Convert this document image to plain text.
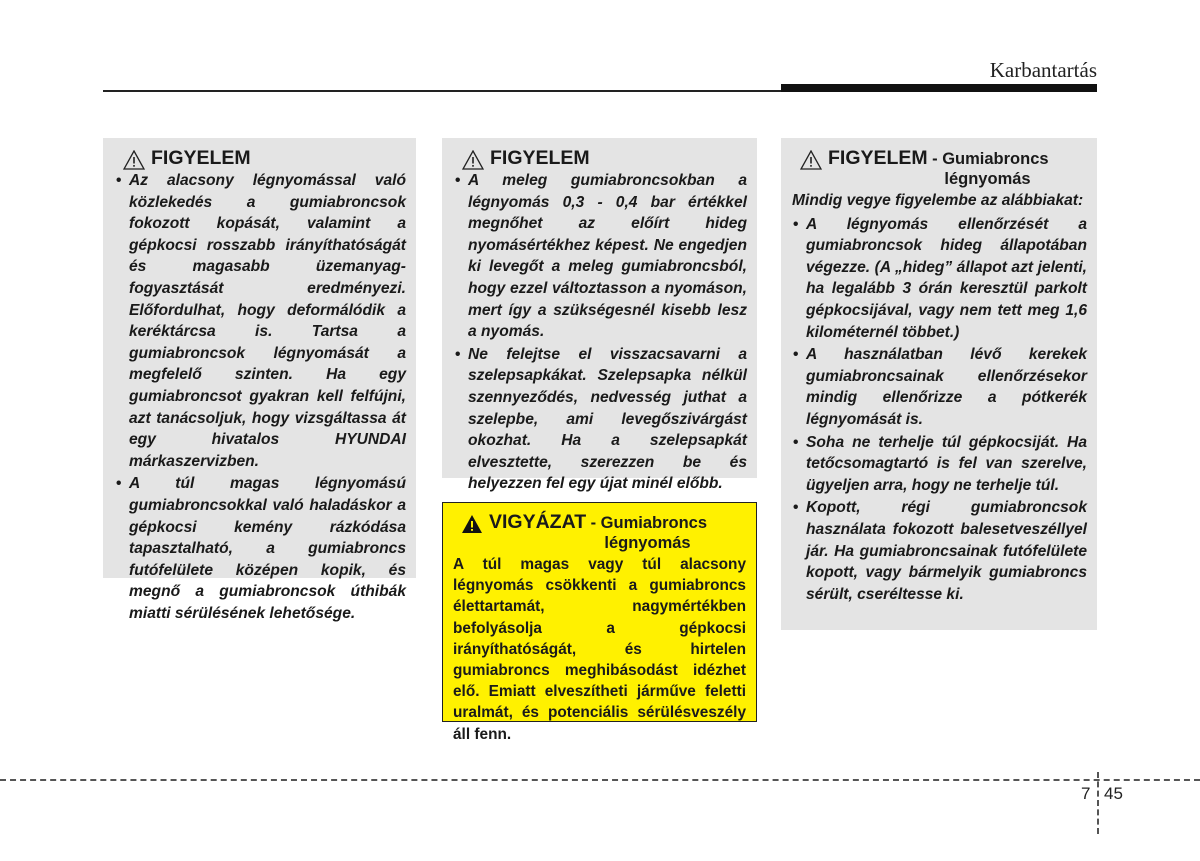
Karbantartás
FIGYELEM
• Az alacsony légnyomással való közlekedés a gumiabroncsok fokozott kopását, valamint a gépkocsi rosszabb irányíthatóságát és magasabb üzemanyag-fogyasztását eredményezi. Előfordulhat, hogy deformálódik a keréktárcsa is. Tartsa a gumiabroncsok légnyomását a megfelelő szinten. Ha egy gumiabroncsot gyakran kell felfújni, azt tanácsoljuk, hogy vizsgáltassa át egy hivatalos HYUNDAI márkaszervizben.
• A túl magas légnyomású gumiabroncsokkal való haladáskor a gépkocsi kemény rázkódása tapasztalható, a gumiabroncs futófelülete középen kopik, és megnő a gumiabroncsok úthibák miatti sérülésének lehetősége.
FIGYELEM
• A meleg gumiabroncsokban a légnyomás 0,3 - 0,4 bar értékkel megnőhet az előírt hideg nyomásértékhez képest. Ne engedjen ki levegőt a meleg gumiabroncsból, hogy ezzel változtasson a nyomáson, mert így a szükségesnél kisebb lesz a nyomás.
• Ne felejtse el visszacsavarni a szelepsapkákat. Szelepsapka nélkül szennyeződés, nedvesség juthat a szelepbe, ami levegőszivárgást okozhat. Ha a szelepsapkát elvesztette, szerezzen be és helyezzen fel egy újat minél előbb.
VIGYÁZAT - Gumiabroncs
légnyomás
A túl magas vagy túl alacsony légnyomás csökkenti a gumiabroncs élettartamát, nagymértékben befolyásolja a gépkocsi irányíthatóságát, és hirtelen gumiabroncs meghibásodást idézhet elő. Emiatt elveszítheti járműve feletti uralmát, és potenciális sérülésveszély áll fenn.
FIGYELEM - Gumiabroncs
légnyomás

Mindig vegye figyelembe az alábbiakat:

• A légnyomás ellenőrzését a gumiabroncsok hideg állapotában végezze. (A „hideg” állapot azt jelenti, ha legalább 3 órán keresztül parkolt gépkocsijával, vagy nem tett meg 1,6 kilométernél többet.)
• A használatban lévő kerekek gumiabroncsainak ellenőrzésekor mindig ellenőrizze a pótkerék légnyomását is.
• Soha ne terhelje túl gépkocsiját. Ha tetőcsomagtartó is fel van szerelve, ügyeljen arra, hogy ne terhelje túl.
• Kopott, régi gumiabroncsok használata fokozott balesetveszéllyel jár. Ha gumiabroncsainak futófelülete kopott, vagy bármelyik gumiabroncs sérült, cseréltesse ki.
7 45
